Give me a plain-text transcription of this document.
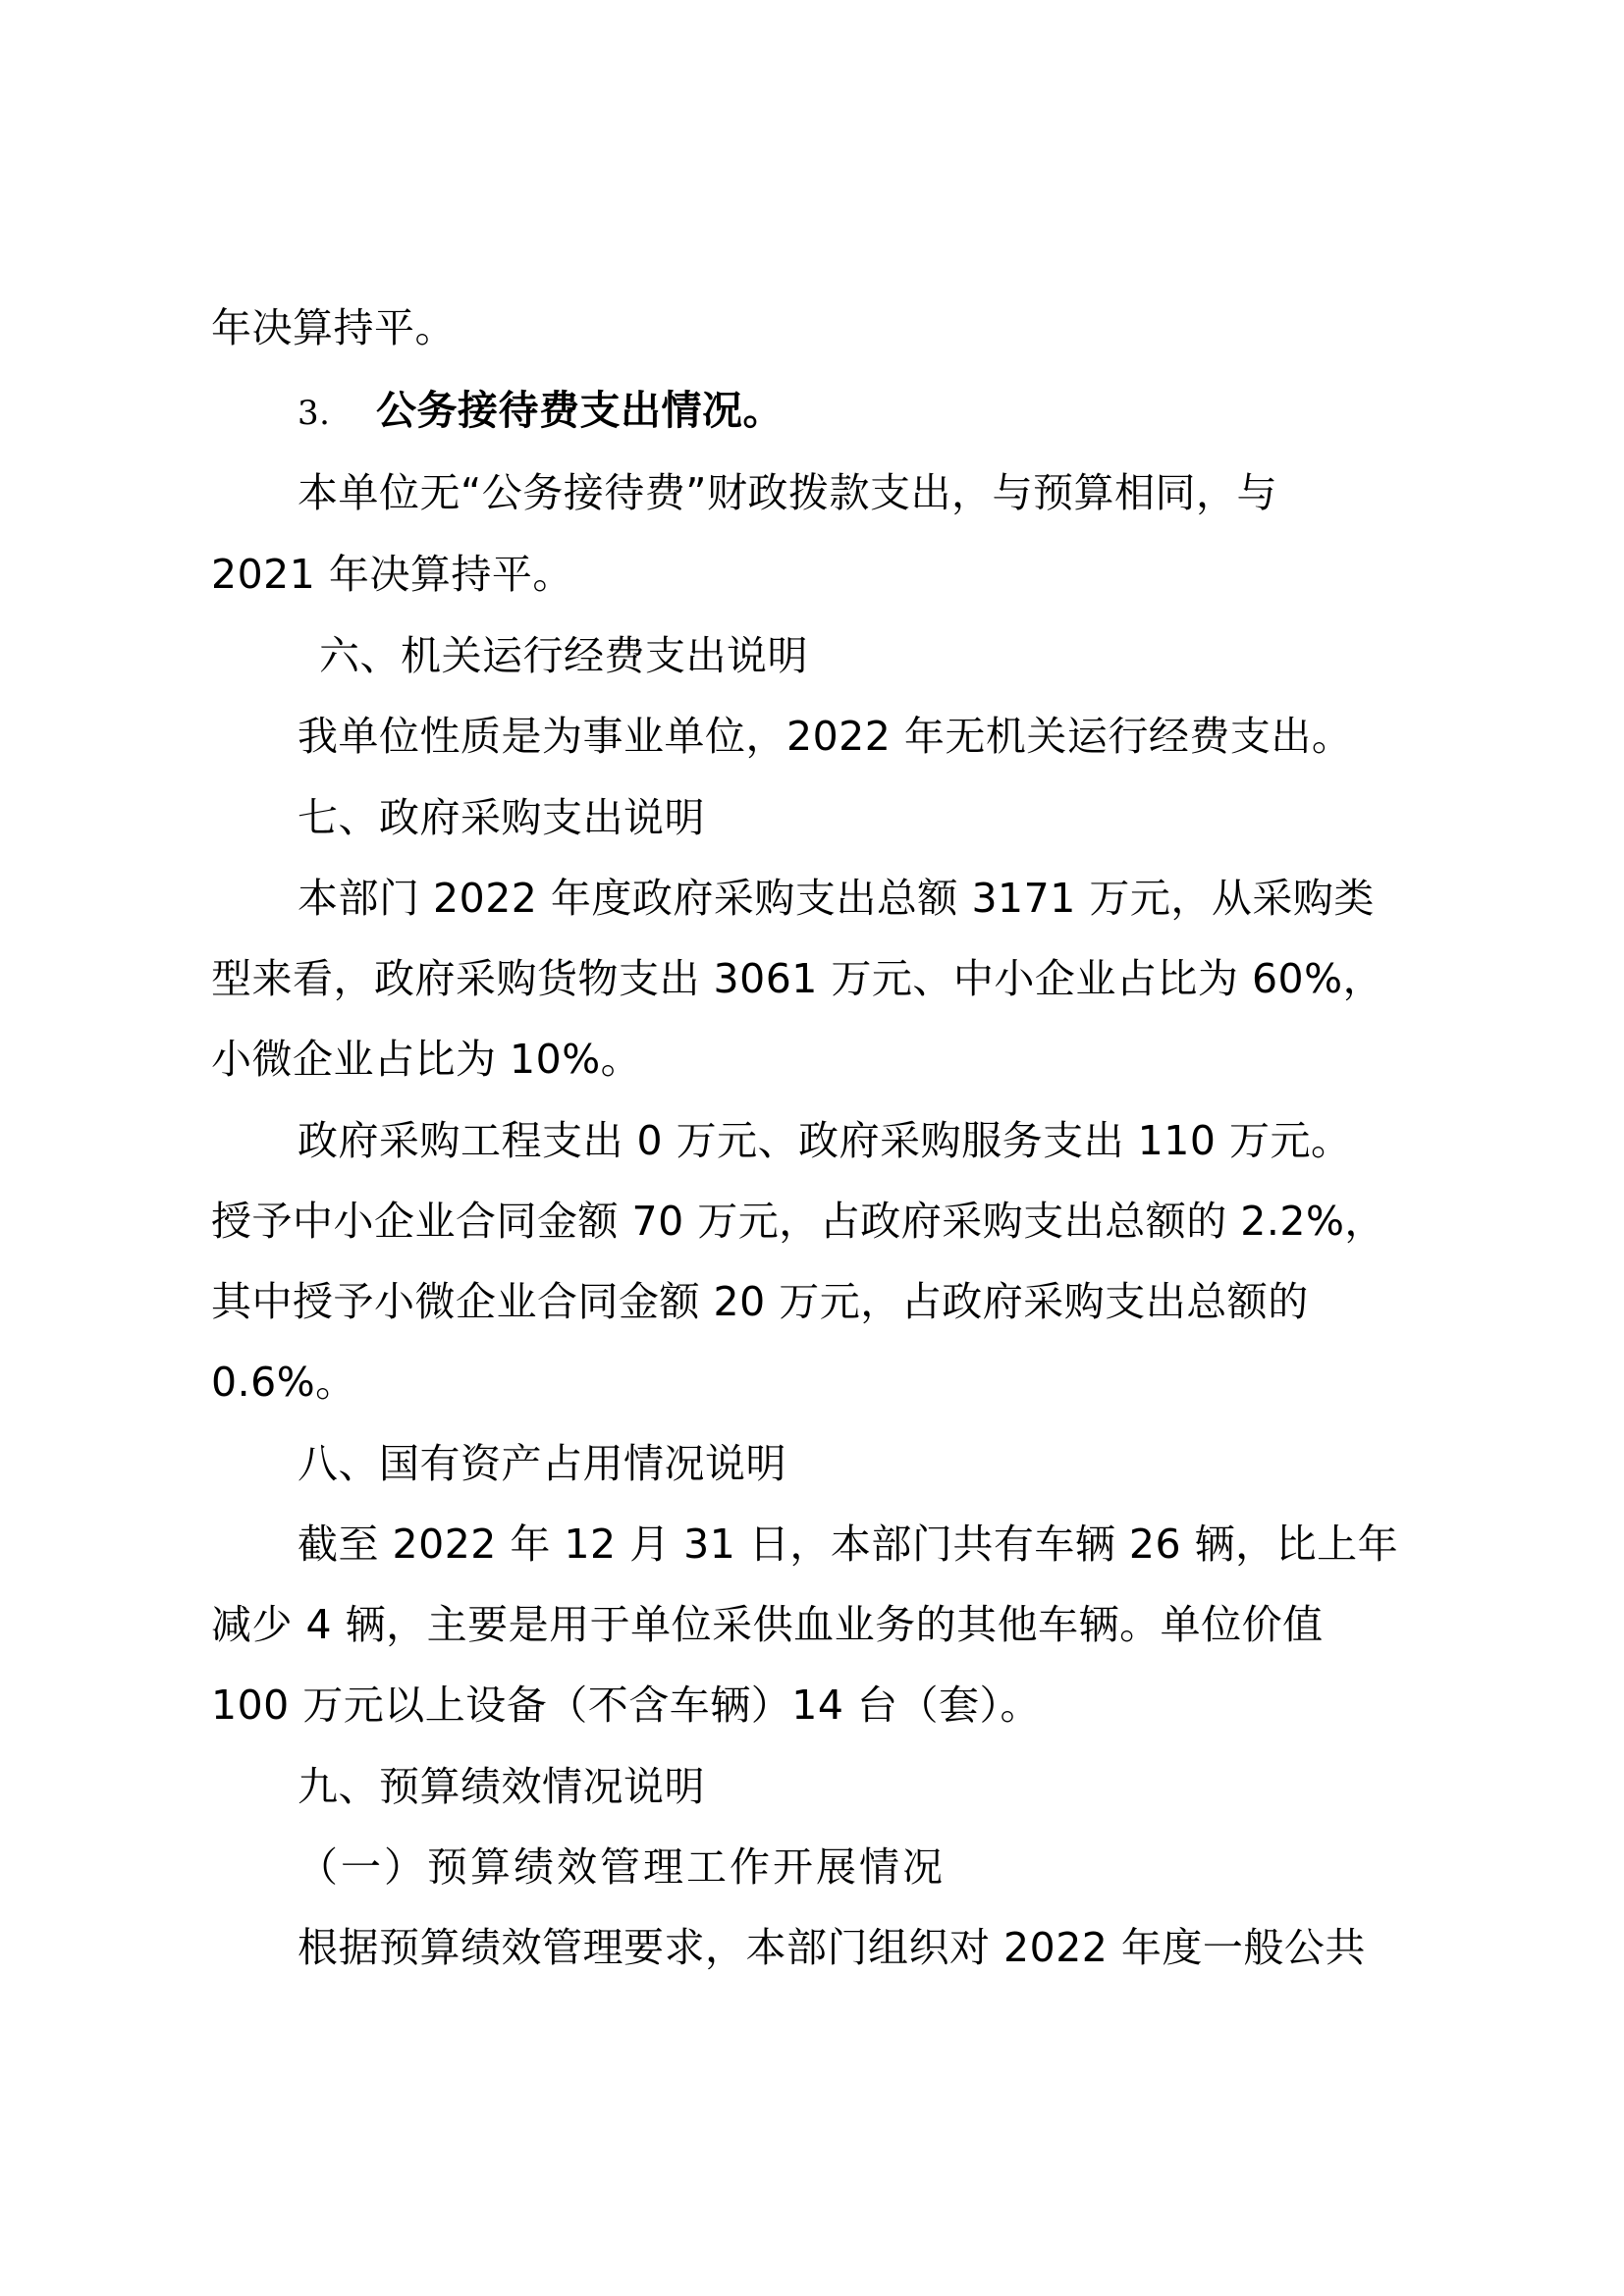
年决算持平。
3. 公务接待费支出情况。
本单位无“公务接待费”财政拨款支出，与预算相同，与
2021 年决算持平。
六、机关运行经费支出说明
我单位性质是为事业单位，2022 年无机关运行经费支出。
七、政府采购支出说明
本部门 2022 年度政府采购支出总额 3171 万元，从采购类
型来看，政府采购货物支出 3061 万元、中小企业占比为 60%，
小微企业占比为 10%。
政府采购工程支出 0 万元、政府采购服务支出 110 万元。
授予中小企业合同金额 70 万元，占政府采购支出总额的 2.2%，
其中授予小微企业合同金额 20 万元，占政府采购支出总额的
0.6%。
八、国有资产占用情况说明
截至 2022 年 12 月 31 日，本部门共有车辆 26 辆，比上年
减少 4 辆，主要是用于单位采供血业务的其他车辆。单位价值
100 万元以上设备（不含车辆）14 台（套）。
九、预算绩效情况说明
（一）预算绩效管理工作开展情况
根据预算绩效管理要求，本部门组织对 2022 年度一般公共
